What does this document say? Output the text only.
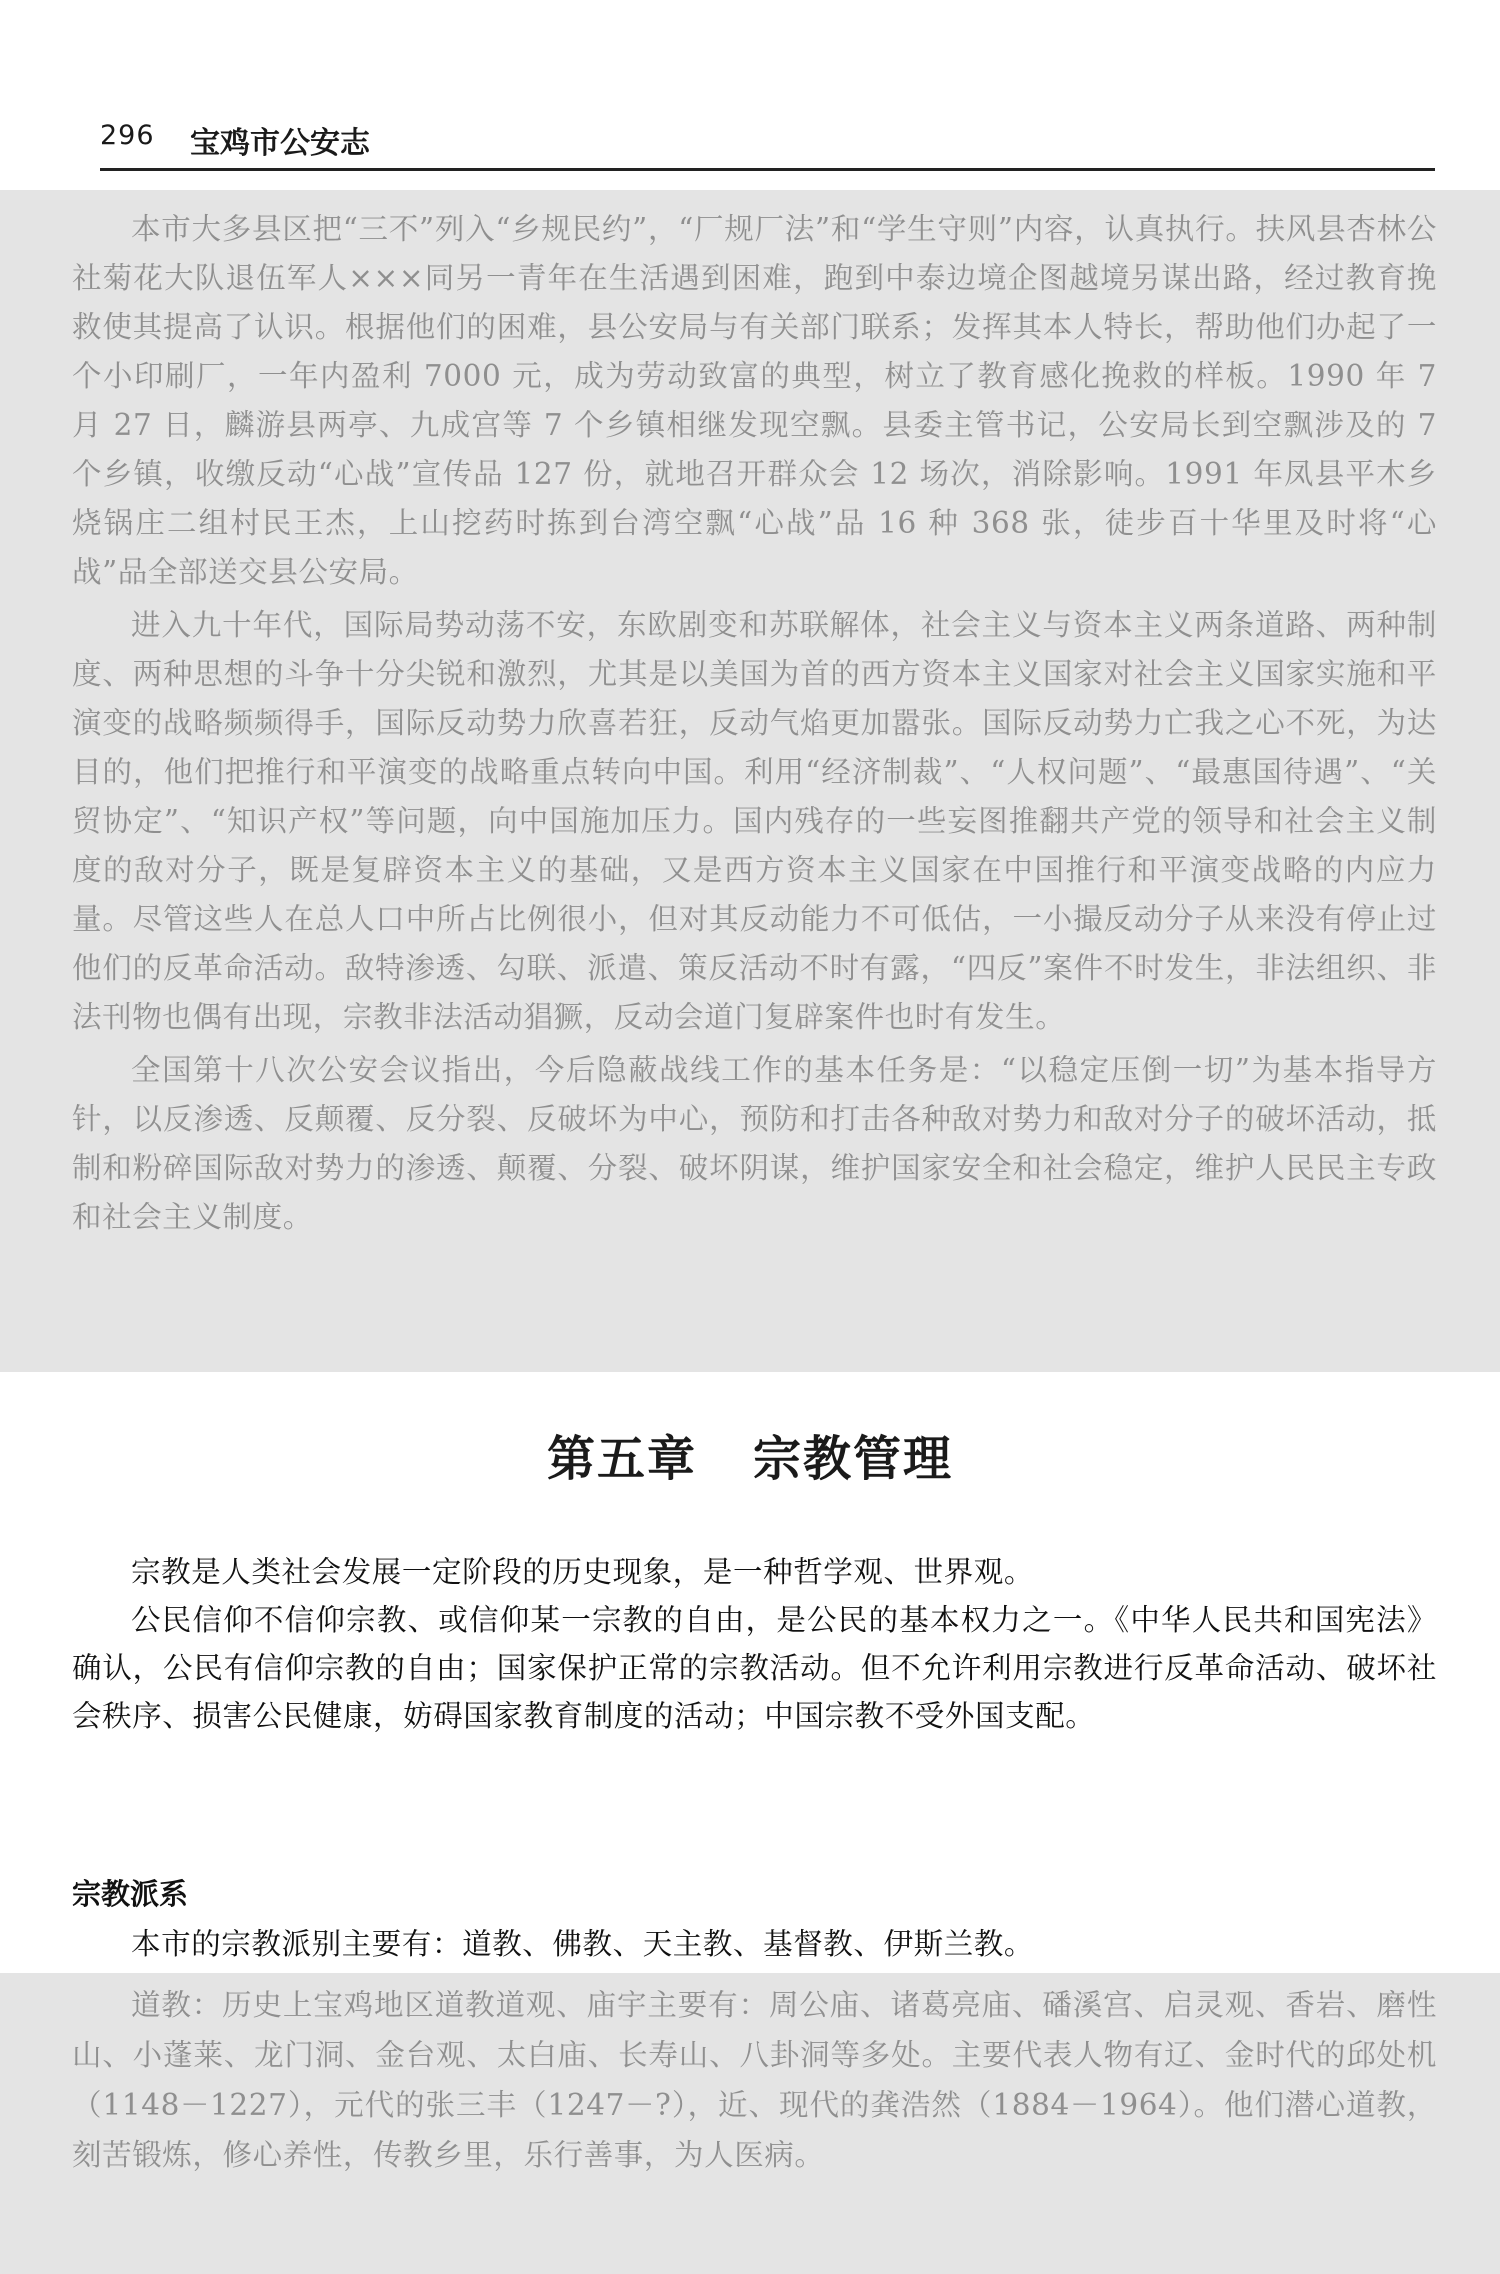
296 宝鸡市公安志

本市大多县区把“三不”列入“乡规民约”，“厂规厂法”和“学生守则”内容，认真执行。扶风县杏林公社菊花大队退伍军人×××同另一青年在生活遇到困难，跑到中泰边境企图越境另谋出路，经过教育挽救使其提高了认识。根据他们的困难，县公安局与有关部门联系；发挥其本人特长，帮助他们办起了一个小印刷厂，一年内盈利 7000 元，成为劳动致富的典型，树立了教育感化挽救的样板。1990 年 7 月 27 日，麟游县两亭、九成宫等 7 个乡镇相继发现空飘。县委主管书记，公安局长到空飘涉及的 7 个乡镇，收缴反动“心战”宣传品 127 份，就地召开群众会 12 场次，消除影响。1991 年凤县平木乡烧锅庄二组村民王杰，上山挖药时拣到台湾空飘“心战”品 16 种 368 张，徒步百十华里及时将“心战”品全部送交县公安局。

进入九十年代，国际局势动荡不安，东欧剧变和苏联解体，社会主义与资本主义两条道路、两种制度、两种思想的斗争十分尖锐和激烈，尤其是以美国为首的西方资本主义国家对社会主义国家实施和平演变的战略频频得手，国际反动势力欣喜若狂，反动气焰更加嚣张。国际反动势力亡我之心不死，为达目的，他们把推行和平演变的战略重点转向中国。利用“经济制裁”、“人权问题”、“最惠国待遇”、“关贸协定”、“知识产权”等问题，向中国施加压力。国内残存的一些妄图推翻共产党的领导和社会主义制度的敌对分子，既是复辟资本主义的基础，又是西方资本主义国家在中国推行和平演变战略的内应力量。尽管这些人在总人口中所占比例很小，但对其反动能力不可低估，一小撮反动分子从来没有停止过他们的反革命活动。敌特渗透、勾联、派遣、策反活动不时有露，“四反”案件不时发生，非法组织、非法刊物也偶有出现，宗教非法活动猖獗，反动会道门复辟案件也时有发生。

全国第十八次公安会议指出，今后隐蔽战线工作的基本任务是：“以稳定压倒一切”为基本指导方针，以反渗透、反颠覆、反分裂、反破坏为中心，预防和打击各种敌对势力和敌对分子的破坏活动，抵制和粉碎国际敌对势力的渗透、颠覆、分裂、破坏阴谋，维护国家安全和社会稳定，维护人民民主专政和社会主义制度。

第五章 宗教管理

宗教是人类社会发展一定阶段的历史现象，是一种哲学观、世界观。

公民信仰不信仰宗教、或信仰某一宗教的自由，是公民的基本权力之一。《中华人民共和国宪法》确认，公民有信仰宗教的自由；国家保护正常的宗教活动。但不允许利用宗教进行反革命活动、破坏社会秩序、损害公民健康，妨碍国家教育制度的活动；中国宗教不受外国支配。

宗教派系

本市的宗教派别主要有：道教、佛教、天主教、基督教、伊斯兰教。

道教：历史上宝鸡地区道教道观、庙宇主要有：周公庙、诸葛亮庙、磻溪宫、启灵观、香岩、磨性山、小蓬莱、龙门洞、金台观、太白庙、长寿山、八卦洞等多处。主要代表人物有辽、金时代的邱处机（1148－1227），元代的张三丰（1247－?），近、现代的龚浩然（1884－1964）。他们潜心道教，刻苦锻炼，修心养性，传教乡里，乐行善事，为人医病。
